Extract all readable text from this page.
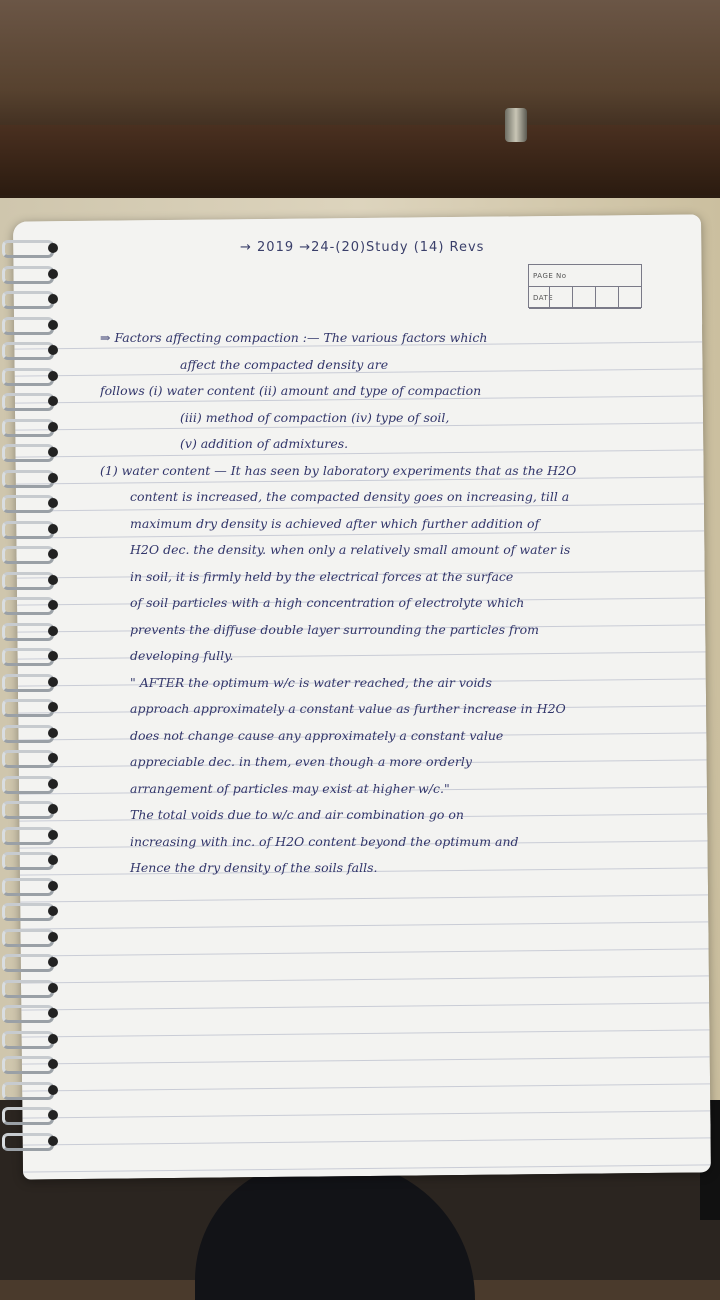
→ 2019 →24-(20)Study (14) Revs
PAGE No
DATE
⇒ Factors affecting compaction :— The various factors which
affect the compacted density are
follows (i) water content (ii) amount and type of compaction
(iii) method of compaction (iv) type of soil,
(v) addition of admixtures.
(1) water content — It has seen by laboratory experiments that as the H2O
content is increased, the compacted density goes on increasing, till a
maximum dry density is achieved after which further addition of
H2O dec. the density. when only a relatively small amount of water is
in soil, it is firmly held by the electrical forces at the surface
of soil particles with a high concentration of electrolyte which
prevents the diffuse double layer surrounding the particles from
developing fully.
" AFTER the optimum w/c is water reached, the air voids
approach approximately a constant value as further increase in H2O
does not change cause any approximately a constant value
appreciable dec. in them, even though a more orderly
arrangement of particles may exist at higher w/c."
The total voids due to w/c and air combination go on
increasing with inc. of H2O content beyond the optimum and
Hence the dry density of the soils falls.
